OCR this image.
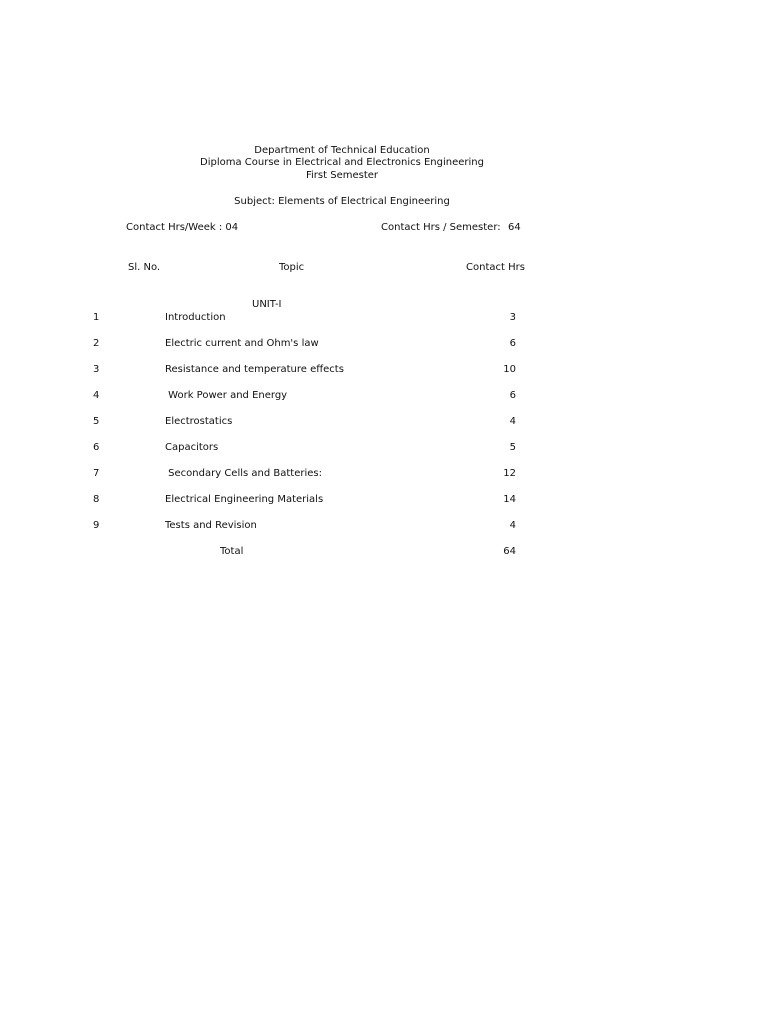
Department of Technical Education
Diploma Course in Electrical and Electronics Engineering
First Semester
Subject: Elements of Electrical Engineering
Contact Hrs/Week : 04	Contact Hrs / Semester: 64
Sl. No.	Topic	Contact Hrs
UNIT-I
1	Introduction	3
2	Electric current and Ohm's law	6
3	Resistance and temperature effects	10
4	Work Power and Energy	6
5	Electrostatics	4
6	Capacitors	5
7	Secondary Cells and Batteries:	12
8	Electrical Engineering Materials	14
9	Tests and Revision	4
Total	64
